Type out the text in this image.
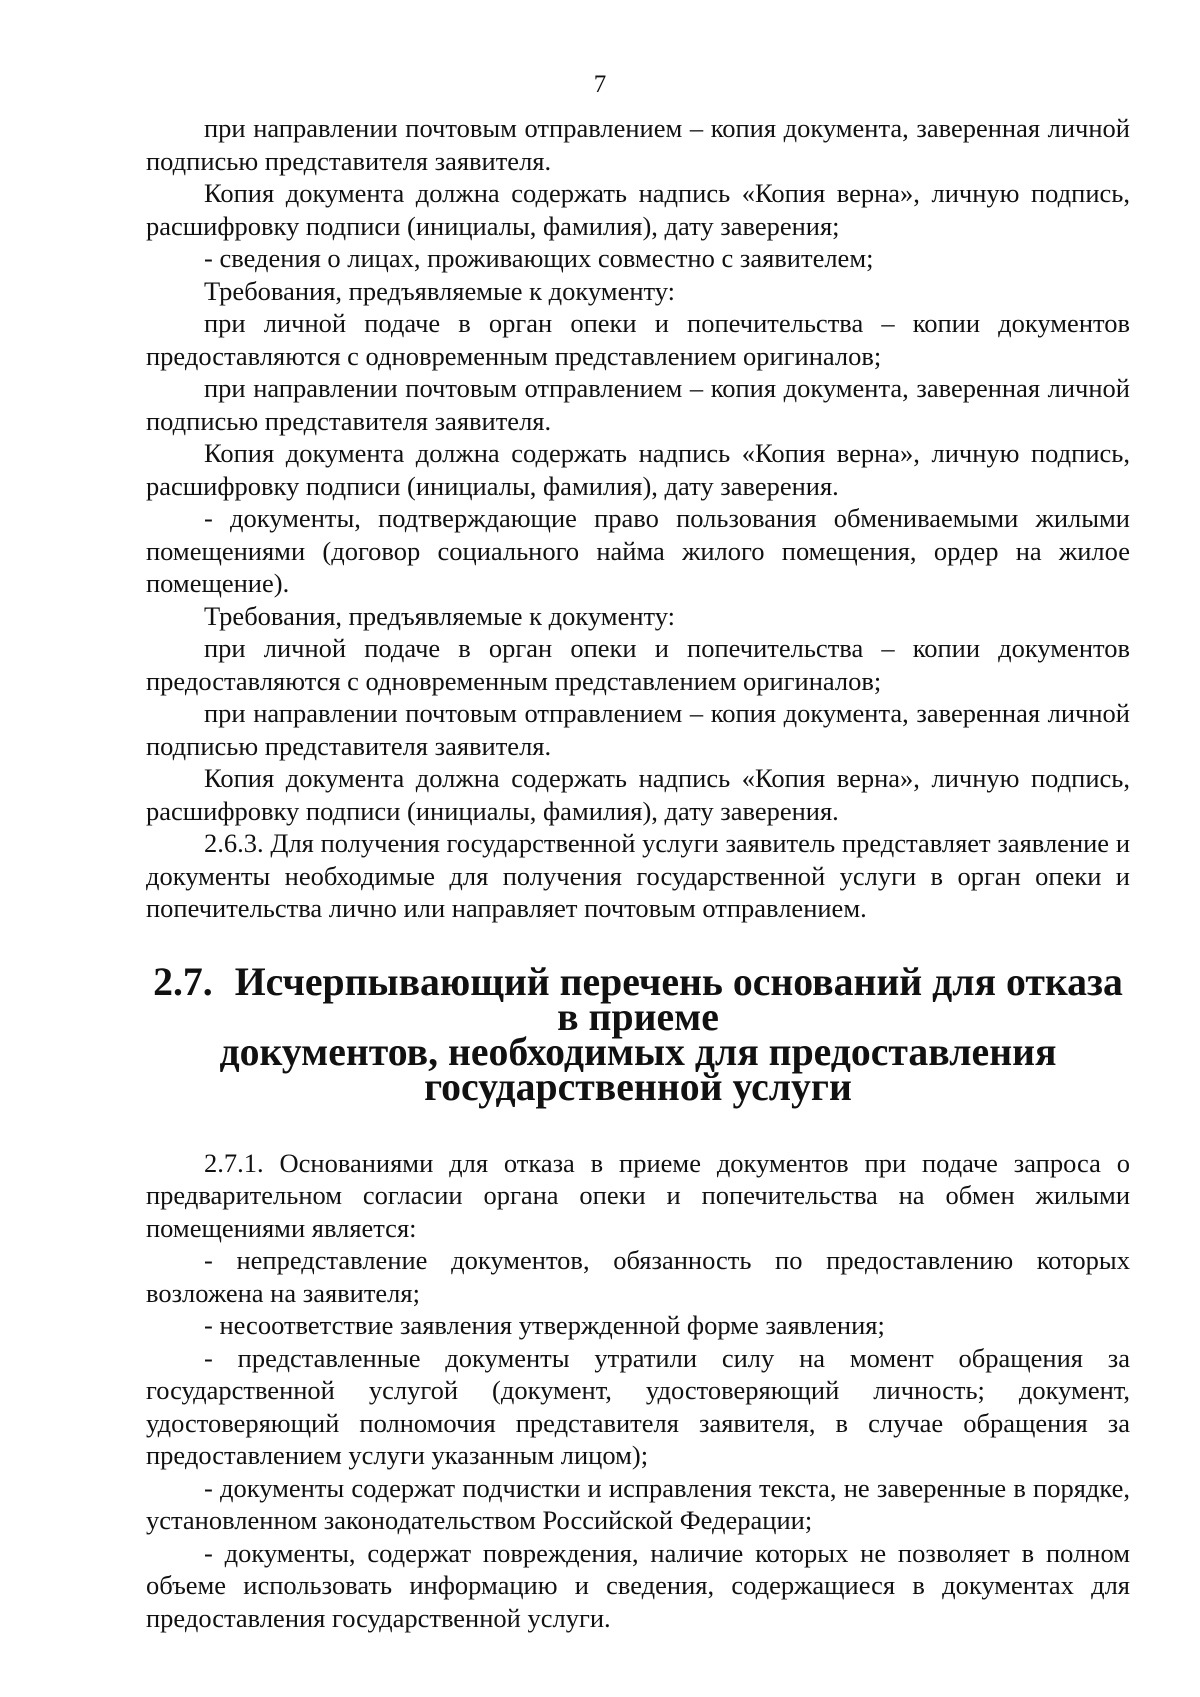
7

при направлении почтовым отправлением – копия документа, заверенная личной подписью представителя заявителя.

Копия документа должна содержать надпись «Копия верна», личную подпись, расшифровку подписи (инициалы, фамилия), дату заверения;

- сведения о лицах, проживающих совместно с заявителем;

Требования, предъявляемые к документу:

при личной подаче в орган опеки и попечительства – копии документов предоставляются с одновременным представлением оригиналов;

при направлении почтовым отправлением – копия документа, заверенная личной подписью представителя заявителя.

Копия документа должна содержать надпись «Копия верна», личную подпись, расшифровку подписи (инициалы, фамилия), дату заверения.

- документы, подтверждающие право пользования обмениваемыми жилыми помещениями (договор социального найма жилого помещения, ордер на жилое помещение).

Требования, предъявляемые к документу:

при личной подаче в орган опеки и попечительства – копии документов предоставляются с одновременным представлением оригиналов;

при направлении почтовым отправлением – копия документа, заверенная личной подписью представителя заявителя.

Копия документа должна содержать надпись «Копия верна», личную подпись, расшифровку подписи (инициалы, фамилия), дату заверения.

2.6.3. Для получения государственной услуги заявитель представляет заявление и документы необходимые для получения государственной услуги в орган опеки и попечительства лично или направляет почтовым отправлением.

2.7. Исчерпывающий перечень оснований для отказа в приеме
документов, необходимых для предоставления государственной услуги

2.7.1. Основаниями для отказа в приеме документов при подаче запроса о предварительном согласии органа опеки и попечительства на обмен жилыми помещениями является:

- непредставление документов, обязанность по предоставлению которых возложена на заявителя;

- несоответствие заявления утвержденной форме заявления;

- представленные документы утратили силу на момент обращения за государственной услугой (документ, удостоверяющий личность; документ, удостоверяющий полномочия представителя заявителя, в случае обращения за предоставлением услуги указанным лицом);

- документы содержат подчистки и исправления текста, не заверенные в порядке, установленном законодательством Российской Федерации;

- документы, содержат повреждения, наличие которых не позволяет в полном объеме использовать информацию и сведения, содержащиеся в документах для предоставления государственной услуги.
